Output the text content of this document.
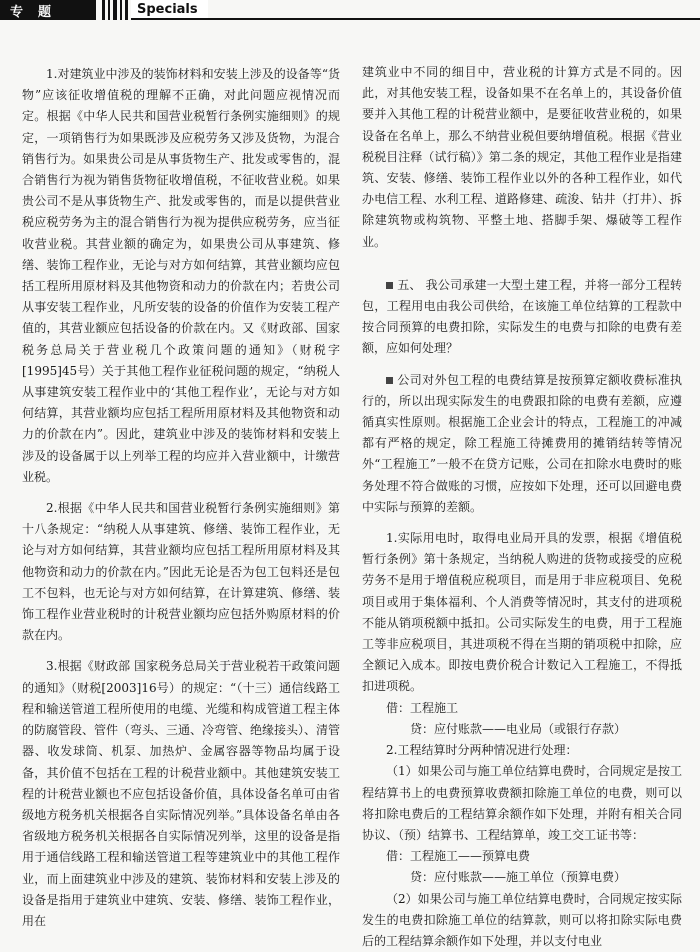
专　题	Specials

1.对建筑业中涉及的装饰材料和安装上涉及的设备等“货物”应该征收增值税的理解不正确，对此问题应视情况而定。根据《中华人民共和国营业税暂行条例实施细则》的规定，一项销售行为如果既涉及应税劳务又涉及货物，为混合销售行为。如果贵公司是从事货物生产、批发或零售的，混合销售行为视为销售货物征收增值税，不征收营业税。如果贵公司不是从事货物生产、批发或零售的，而是以提供营业税应税劳务为主的混合销售行为视为提供应税劳务，应当征收营业税。其营业额的确定为，如果贵公司从事建筑、修缮、装饰工程作业，无论与对方如何结算，其营业额均应包括工程所用原材料及其他物资和动力的价款在内；若贵公司从事安装工程作业，凡所安装的设备的价值作为安装工程产值的，其营业额应包括设备的价款在内。又《财政部、国家税务总局关于营业税几个政策问题的通知》（财税字[1995]45号）关于其他工程作业征税问题的规定，“纳税人从事建筑安装工程作业中的‘其他工程作业’，无论与对方如何结算，其营业额均应包括工程所用原材料及其他物资和动力的价款在内”。因此，建筑业中涉及的装饰材料和安装上涉及的设备属于以上列举工程的均应并入营业额中，计缴营业税。

2.根据《中华人民共和国营业税暂行条例实施细则》第十八条规定：“纳税人从事建筑、修缮、装饰工程作业，无论与对方如何结算，其营业额均应包括工程所用原材料及其他物资和动力的价款在内。”因此无论是否为包工包料还是包工不包料，也无论与对方如何结算，在计算建筑、修缮、装饰工程作业营业税时的计税营业额均应包括外购原材料的价款在内。

3.根据《财政部 国家税务总局关于营业税若干政策问题的通知》（财税[2003]16号）的规定：“（十三）通信线路工程和输送管道工程所使用的电缆、光缆和构成管道工程主体的防腐管段、管件（弯头、三通、冷弯管、绝缘接头）、清管器、收发球筒、机泵、加热炉、金属容器等物品均属于设备，其价值不包括在工程的计税营业额中。其他建筑安装工程的计税营业额也不应包括设备价值，具体设备名单可由省级地方税务机关根据各自实际情况列举。”具体设备名单由各省级地方税务机关根据各自实际情况列举，这里的设备是指用于通信线路工程和输送管道工程等建筑业中的其他工程作业，而上面建筑业中涉及的建筑、装饰材料和安装上涉及的设备是指用于建筑业中建筑、安装、修缮、装饰工程作业，用在

建筑业中不同的细目中，营业税的计算方式是不同的。因此，对其他安装工程，设备如果不在名单上的，其设备价值要并入其他工程的计税营业额中，是要征收营业税的，如果设备在名单上，那么不纳营业税但要纳增值税。根据《营业税税目注释（试行稿）》第二条的规定，其他工程作业是指建筑、安装、修缮、装饰工程作业以外的各种工程作业，如代办电信工程、水利工程、道路修建、疏浚、钻井（打井）、拆除建筑物或构筑物、平整土地、搭脚手架、爆破等工程作业。

五、 我公司承建一大型土建工程，并将一部分工程转包，工程用电由我公司供给，在该施工单位结算的工程款中按合同预算的电费扣除，实际发生的电费与扣除的电费有差额，应如何处理？

公司对外包工程的电费结算是按预算定额收费标准执行的，所以出现实际发生的电费跟扣除的电费有差额，应遵循真实性原则。根据施工企业会计的特点，工程施工的冲减都有严格的规定，除工程施工待摊费用的摊销结转等情况外“工程施工”一般不在贷方记账，公司在扣除水电费时的账务处理不符合做账的习惯，应按如下处理，还可以回避电费中实际与预算的差额。

1.实际用电时，取得电业局开具的发票，根据《增值税暂行条例》第十条规定，当纳税人购进的货物或接受的应税劳务不是用于增值税应税项目，而是用于非应税项目、免税项目或用于集体福利、个人消费等情况时，其支付的进项税不能从销项税额中抵扣。公司实际发生的电费，用于工程施工等非应税项目，其进项税不得在当期的销项税中扣除，应全额记入成本。即按电费价税合计数记入工程施工，不得抵扣进项税。

借：工程施工

贷：应付账款——电业局（或银行存款）

2.工程结算时分两种情况进行处理：

（1）如果公司与施工单位结算电费时，合同规定是按工程结算书上的电费预算收费额扣除施工单位的电费，则可以将扣除电费后的工程结算余额作如下处理，并附有相关合同协议、（预）结算书、工程结算单，竣工交工证书等：

借：工程施工——预算电费

贷：应付账款——施工单位（预算电费）

（2）如果公司与施工单位结算电费时，合同规定按实际发生的电费扣除施工单位的结算款，则可以将扣除实际电费后的工程结算余额作如下处理，并以支付电业
